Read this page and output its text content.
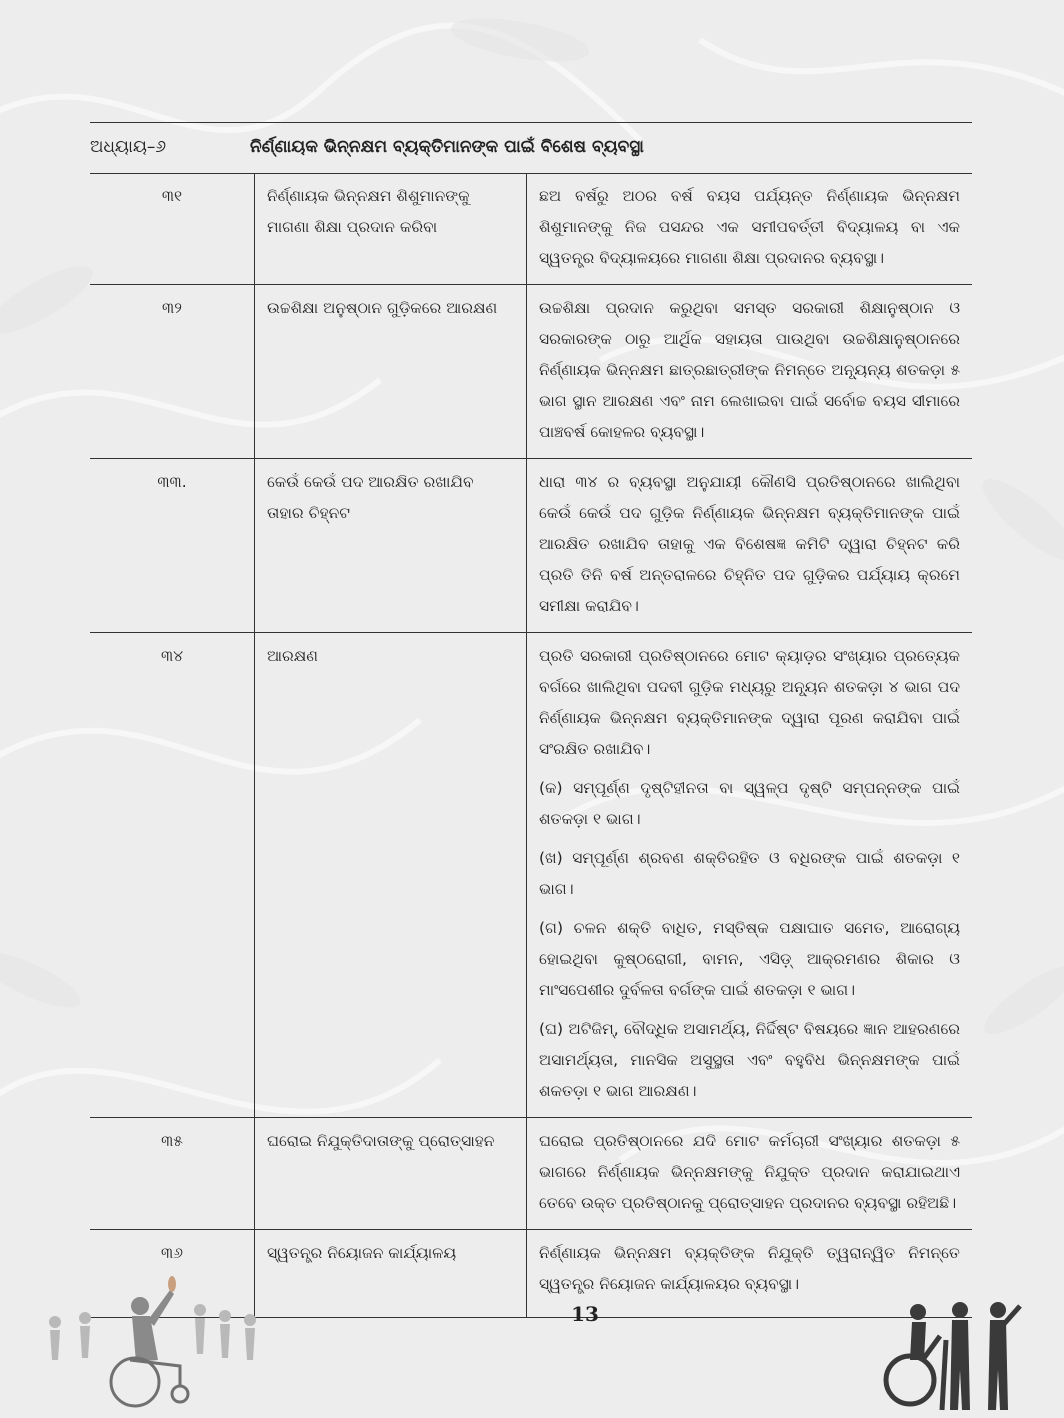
ଅଧ୍ୟାୟ–୬	ନିର୍ଣ୍ଣାୟକ ଭିନ୍ନକ୍ଷମ ବ୍ୟକ୍ତିମାନଙ୍କ ପାଇଁ ବିଶେଷ ବ୍ୟବସ୍ଥା
୩୧	ନିର୍ଣ୍ଣାୟକ ଭିନ୍ନକ୍ଷମ ଶିଶୁମାନଙ୍କୁ ମାଗଣା ଶିକ୍ଷା ପ୍ରଦାନ କରିବା	ଛଅ ବର୍ଷରୁ ଅଠର ବର୍ଷ ବୟସ ପର୍ଯ୍ୟନ୍ତ ନିର୍ଣ୍ଣାୟକ ଭିନ୍ନକ୍ଷମ ଶିଶୁମାନଙ୍କୁ ନିଜ ପସନ୍ଦର ଏକ ସମୀପବର୍ତ୍ତୀ ବିଦ୍ୟାଳୟ ବା ଏକ ସ୍ୱତନ୍ତ୍ର ବିଦ୍ୟାଳୟରେ ମାଗଣା ଶିକ୍ଷା ପ୍ରଦାନର ବ୍ୟବସ୍ଥା।

୩୨	ଉଚ୍ଚଶିକ୍ଷା ଅନୁଷ୍ଠାନ ଗୁଡ଼ିକରେ ଆରକ୍ଷଣ	ଉଚ୍ଚଶିକ୍ଷା ପ୍ରଦାନ କରୁଥିବା ସମସ୍ତ ସରକାରୀ ଶିକ୍ଷାନୁଷ୍ଠାନ ଓ ସରକାରଙ୍କ ଠାରୁ ଆର୍ଥିକ ସହାୟତା ପାଉଥିବା ଉଚ୍ଚଶିକ୍ଷାନୁଷ୍ଠାନରେ ନିର୍ଣ୍ଣାୟକ ଭିନ୍ନକ୍ଷମ ଛାତ୍ରଛାତ୍ରୀଙ୍କ ନିମନ୍ତେ ଅନ୍ୟୂନ୍ୟ ଶତକଡ଼ା ୫ ଭାଗ ସ୍ଥାନ ଆରକ୍ଷଣ ଏବଂ ନାମ ଲେଖାଇବା ପାଇଁ ସର୍ବୋଚ୍ଚ ବୟସ ସୀମାରେ ପାଞ୍ଚବର୍ଷ କୋହଳର ବ୍ୟବସ୍ଥା।

୩୩.	କେଉଁ କେଉଁ ପଦ ଆରକ୍ଷିତ ରଖାଯିବ ତାହାର ଚିହ୍ନଟ	ଧାରା ୩୪ ର ବ୍ୟବସ୍ଥା ଅନୁଯାୟୀ କୌଣସି ପ୍ରତିଷ୍ଠାନରେ ଖାଲିଥିବା କେଉଁ କେଉଁ ପଦ ଗୁଡ଼ିକ ନିର୍ଣ୍ଣାୟକ ଭିନ୍ନକ୍ଷମ ବ୍ୟକ୍ତିମାନଙ୍କ ପାଇଁ ଆରକ୍ଷିତ ରଖାଯିବ ତାହାକୁ ଏକ ବିଶେଷଜ୍ଞ କମିଟି ଦ୍ୱାରା ଚିହ୍ନଟ କରି ପ୍ରତି ତିନି ବର୍ଷ ଅନ୍ତରାଳରେ ଚିହ୍ନିତ ପଦ ଗୁଡ଼ିକର ପର୍ଯ୍ୟାୟ କ୍ରମେ ସମୀକ୍ଷା କରାଯିବ।

୩୪	ଆରକ୍ଷଣ	ପ୍ରତି ସରକାରୀ ପ୍ରତିଷ୍ଠାନରେ ମୋଟ କ୍ୟାଡ଼ର ସଂଖ୍ୟାର ପ୍ରତ୍ୟେକ ବର୍ଗରେ ଖାଲିଥିବା ପଦବୀ ଗୁଡ଼ିକ ମଧ୍ୟରୁ ଅନ୍ୟୂନ ଶତକଡ଼ା ୪ ଭାଗ ପଦ ନିର୍ଣ୍ଣାୟକ ଭିନ୍ନକ୍ଷମ ବ୍ୟକ୍ତିମାନଙ୍କ ଦ୍ୱାରା ପୂରଣ କରାଯିବା ପାଇଁ ସଂରକ୍ଷିତ ରଖାଯିବ।
(କ) ସମ୍ପୂର୍ଣ୍ଣ ଦୃଷ୍ଟିହୀନତା ବା ସ୍ୱଳ୍ପ ଦୃଷ୍ଟି ସମ୍ପନ୍ନଙ୍କ ପାଇଁ ଶତକଡ଼ା ୧ ଭାଗ।
(ଖ) ସମ୍ପୂର୍ଣ୍ଣ ଶ୍ରବଣ ଶକ୍ତିରହିତ ଓ ବଧିରଙ୍କ ପାଇଁ ଶତକଡ଼ା ୧ ଭାଗ।
(ଗ) ଚଳନ ଶକ୍ତି ବାଧିତ, ମସ୍ତିଷ୍କ ପକ୍ଷାଘାତ ସମେତ, ଆରୋଗ୍ୟ ହୋଇଥିବା କୁଷ୍ଠରୋଗୀ, ବାମନ, ଏସିଡ଼୍ ଆକ୍ରମଣର ଶିକାର ଓ ମାଂସପେଶୀର ଦୁର୍ବଳତା ବର୍ଗଙ୍କ ପାଇଁ ଶତକଡ଼ା ୧ ଭାଗ।
(ଘ) ଅଟିଜିମ୍, ବୌଦ୍ଧିକ ଅସାମର୍ଥ୍ୟ, ନିର୍ଦ୍ଦିଷ୍ଟ ବିଷୟରେ ଜ୍ଞାନ ଆହରଣରେ ଅସାମର୍ଥ୍ୟତା, ମାନସିକ ଅସୁସ୍ଥତା ଏବଂ ବହୁବିଧ ଭିନ୍ନକ୍ଷମଙ୍କ ପାଇଁ ଶକତଡ଼ା ୧ ଭାଗ ଆରକ୍ଷଣ।

୩୫	ଘରୋଇ ନିଯୁକ୍ତିଦାତାଙ୍କୁ ପ୍ରୋତ୍ସାହନ	ଘରୋଇ ପ୍ରତିଷ୍ଠାନରେ ଯଦି ମୋଟ କର୍ମଚାରୀ ସଂଖ୍ୟାର ଶତକଡ଼ା ୫ ଭାଗରେ ନିର୍ଣ୍ଣାୟକ ଭିନ୍ନକ୍ଷମଙ୍କୁ ନିଯୁକ୍ତ ପ୍ରଦାନ କରାଯାଇଥାଏ ତେବେ ଉକ୍ତ ପ୍ରତିଷ୍ଠାନକୁ ପ୍ରୋତ୍ସାହନ ପ୍ରଦାନର ବ୍ୟବସ୍ଥା ରହିଅଛି।

୩୬	ସ୍ୱତନ୍ତ୍ର ନିୟୋଜନ କାର୍ଯ୍ୟାଳୟ	ନିର୍ଣ୍ଣାୟକ ଭିନ୍ନକ୍ଷମ ବ୍ୟକ୍ତିଙ୍କ ନିଯୁକ୍ତି ତ୍ୱରାନ୍ୱିତ ନିମନ୍ତେ ସ୍ୱତନ୍ତ୍ର ନିୟୋଜନ କାର୍ଯ୍ୟାଳୟର ବ୍ୟବସ୍ଥା।
13
